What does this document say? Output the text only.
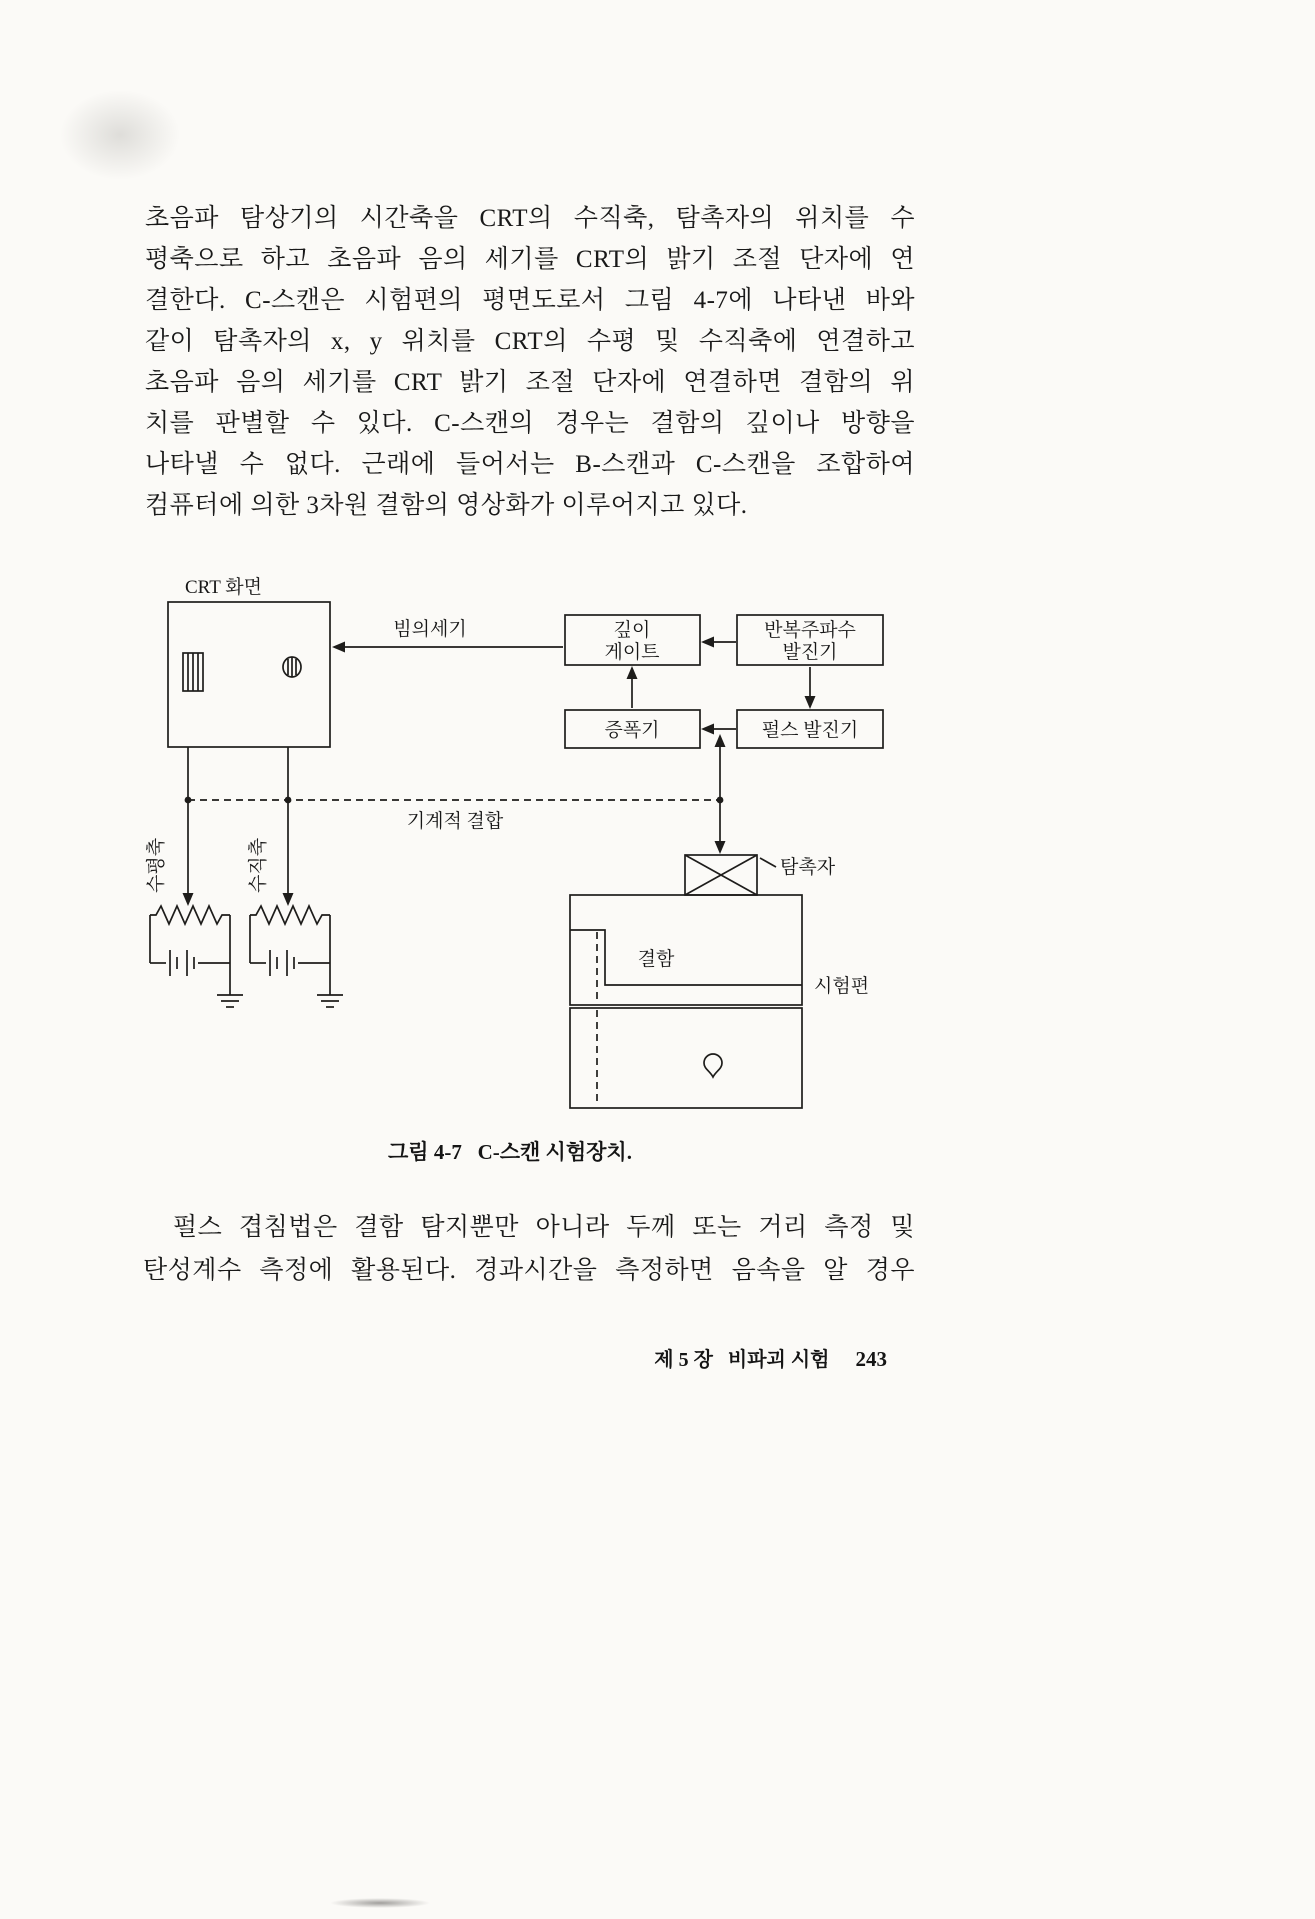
초음파 탐상기의 시간축을 CRT의 수직축, 탐촉자의 위치를 수
평축으로 하고 초음파 음의 세기를 CRT의 밝기 조절 단자에 연
결한다. C-스캔은 시험편의 평면도로서 그림 4-7에 나타낸 바와
같이 탐촉자의 x, y 위치를 CRT의 수평 및 수직축에 연결하고
초음파 음의 세기를 CRT 밝기 조절 단자에 연결하면 결함의 위
치를 판별할 수 있다. C-스캔의 경우는 결함의 깊이나 방향을
나타낼 수 없다. 근래에 들어서는 B-스캔과 C-스캔을 조합하여
컴퓨터에 의한 3차원 결함의 영상화가 이루어지고 있다.
CRT 화면
빔의세기	깊이
게이트
반복주파수
발진기
증폭기	펄스 발진기
기계적 결합
수평축	수직축	탐촉자
결함
시험편
그림 4-7   C-스캔 시험장치.
펄스 겹침법은 결함 탐지뿐만 아니라 두께 또는 거리 측정 및
탄성계수 측정에 활용된다. 경과시간을 측정하면 음속을 알 경우

제 5 장   비파괴 시험 243
